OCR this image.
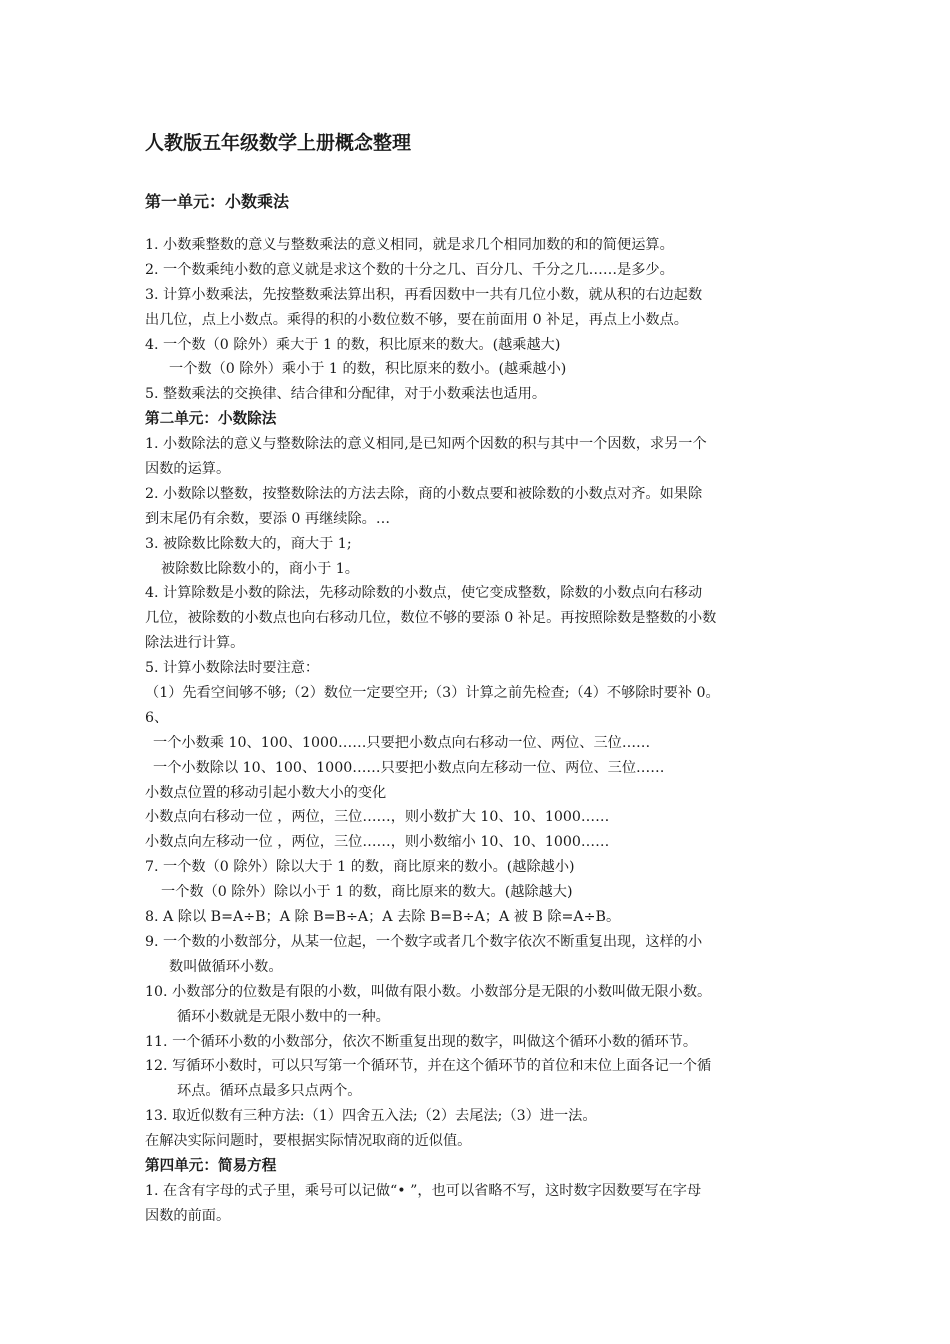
人教版五年级数学上册概念整理
第一单元：小数乘法
1. 小数乘整数的意义与整数乘法的意义相同，就是求几个相同加数的和的简便运算。
2. 一个数乘纯小数的意义就是求这个数的十分之几、百分几、千分之几……是多少。
3. 计算小数乘法，先按整数乘法算出积，再看因数中一共有几位小数，就从积的右边起数
出几位，点上小数点。乘得的积的小数位数不够，要在前面用 0 补足，再点上小数点。
4. 一个数（0 除外）乘大于 1 的数，积比原来的数大。(越乘越大)
一个数（0 除外）乘小于 1 的数，积比原来的数小。(越乘越小)
5. 整数乘法的交换律、结合律和分配律，对于小数乘法也适用。
第二单元：小数除法
1. 小数除法的意义与整数除法的意义相同,是已知两个因数的积与其中一个因数，求另一个
因数的运算。
2. 小数除以整数，按整数除法的方法去除，商的小数点要和被除数的小数点对齐。如果除
到末尾仍有余数，要添 0 再继续除。…
3. 被除数比除数大的，商大于 1;
被除数比除数小的，商小于 1。
4. 计算除数是小数的除法，先移动除数的小数点，使它变成整数，除数的小数点向右移动
几位，被除数的小数点也向右移动几位，数位不够的要添 0 补足。再按照除数是整数的小数
除法进行计算。
5. 计算小数除法时要注意：
（1）先看空间够不够;（2）数位一定要空开;（3）计算之前先检查;（4）不够除时要补 0。
6、
一个小数乘 10、100、1000……只要把小数点向右移动一位、两位、三位……
一个小数除以 10、100、1000……只要把小数点向左移动一位、两位、三位……
小数点位置的移动引起小数大小的变化
小数点向右移动一位 ，两位，三位……，则小数扩大 10、10、1000……
小数点向左移动一位 ，两位，三位……，则小数缩小 10、10、1000……
7. 一个数（0 除外）除以大于 1 的数，商比原来的数小。(越除越小)
一个数（0 除外）除以小于 1 的数，商比原来的数大。(越除越大)
8. A 除以 B=A÷B；A 除 B=B÷A；A 去除 B=B÷A；A 被 B 除=A÷B。
9. 一个数的小数部分，从某一位起，一个数字或者几个数字依次不断重复出现，这样的小
数叫做循环小数。
10. 小数部分的位数是有限的小数，叫做有限小数。小数部分是无限的小数叫做无限小数。
循环小数就是无限小数中的一种。
11. 一个循环小数的小数部分，依次不断重复出现的数字，叫做这个循环小数的循环节。
12. 写循环小数时，可以只写第一个循环节，并在这个循环节的首位和末位上面各记一个循
环点。循环点最多只点两个。
13. 取近似数有三种方法:（1）四舍五入法;（2）去尾法;（3）进一法。
在解决实际问题时，要根据实际情况取商的近似值。
第四单元：简易方程
1. 在含有字母的式子里，乘号可以记做“• ”，也可以省略不写，这时数字因数要写在字母
因数的前面。
